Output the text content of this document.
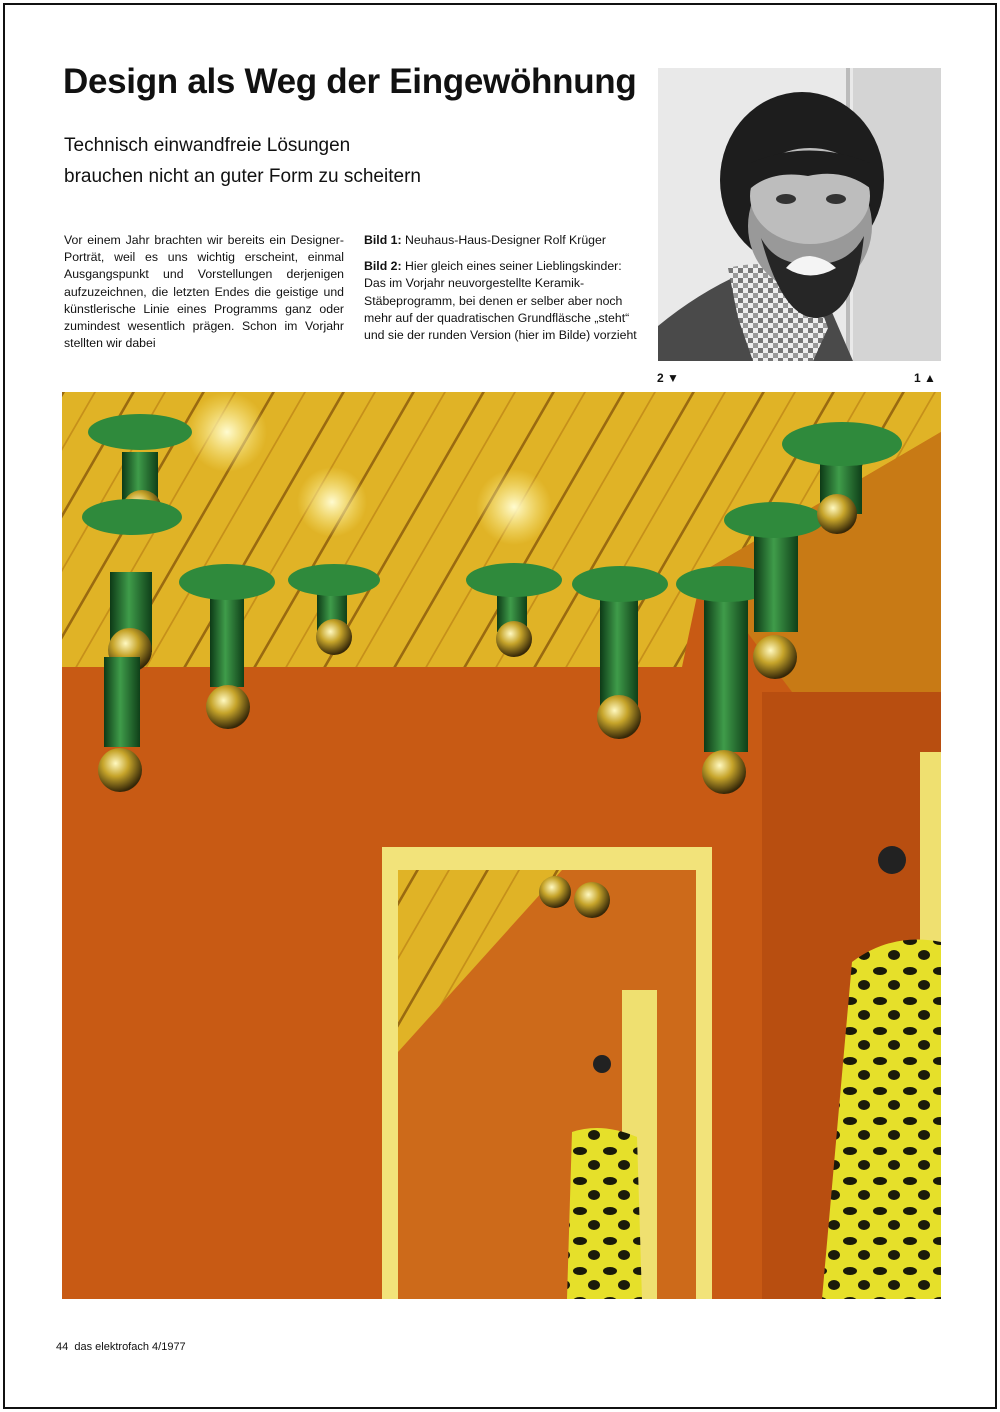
Design als Weg der Eingewöhnung
Technisch einwandfreie Lösungen
brauchen nicht an guter Form zu scheitern
Vor einem Jahr brachten wir bereits ein Designer-Porträt, weil es uns wichtig erscheint, einmal Ausgangspunkt und Vorstellungen derjenigen aufzuzeichnen, die letzten Endes die geistige und künstlerische Linie eines Programms ganz oder zumindest wesentlich prägen. Schon im Vorjahr stellten wir dabei

Bild 1: Neuhaus-Haus-Designer Rolf Krüger

Bild 2: Hier gleich eines seiner Lieblingskinder: Das im Vorjahr neuvorgestellte Keramik-Stäbeprogramm, bei denen er selber aber noch mehr auf der quadratischen Grundfläsche „steht“ und sie der runden Version (hier im Bilde) vorzieht

2 ▼	1 ▲
44 das elektrofach 4/1977
